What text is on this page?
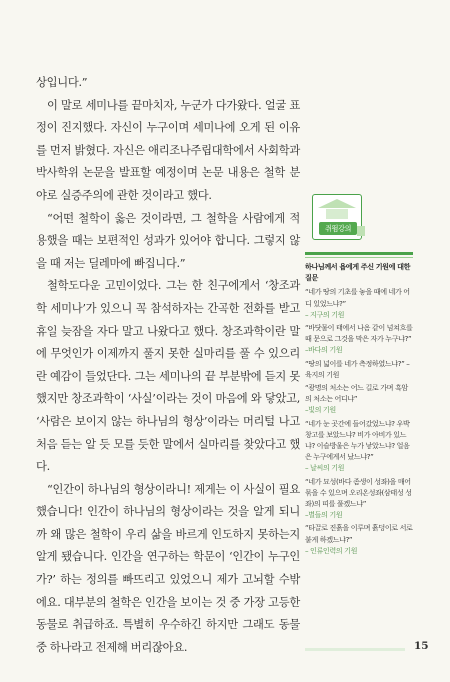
상입니다.”

이 말로 세미나를 끝마치자, 누군가 다가왔다. 얼굴 표정이 진지했다. 자신이 누구이며 세미나에 오게 된 이유를 먼저 밝혔다. 자신은 애리조나주립대학에서 사회학과 박사학위 논문을 발표할 예정이며 논문 내용은 철학 분야로 실증주의에 관한 것이라고 했다.

“어떤 철학이 옳은 것이라면, 그 철학을 사람에게 적용했을 때는 보편적인 성과가 있어야 합니다. 그렇지 않을 때 저는 딜레마에 빠집니다.”

철학도다운 고민이었다. 그는 한 친구에게서 ‘창조과학 세미나’가 있으니 꼭 참석하자는 간곡한 전화를 받고 휴일 늦잠을 자다 말고 나왔다고 했다. 창조과학이란 말에 무엇인가 이제까지 풀지 못한 실마리를 풀 수 있으리란 예감이 들었단다. 그는 세미나의 끝 부분밖에 듣지 못했지만 창조과학이 ‘사실’이라는 것이 마음에 와 닿았고, ‘사람은 보이지 않는 하나님의 형상’이라는 머리털 나고 처음 듣는 알 듯 모를 듯한 말에서 실마리를 찾았다고 했다.

“인간이 하나님의 형상이라니! 제게는 이 사실이 필요했습니다! 인간이 하나님의 형상이라는 것을 알게 되니까 왜 많은 철학이 우리 삶을 바르게 인도하지 못하는지 알게 됐습니다. 인간을 연구하는 학문이 ‘인간이 누구인가?’ 하는 정의를 빠뜨리고 있었으니 제가 고뇌할 수밖에요. 대부분의 철학은 인간을 보이는 것 중 가장 고등한 동물로 취급하죠. 특별히 우수하긴 하지만 그래도 동물 중 하나라고 전제해 버리잖아요.

쥐뜀강의
하나님께서 욥에게 주신 기원에 대한 질문
“네가 땅의 기초를 놓을 때에 네가 어디 있었느냐?”
– 지구의 기원
“바닷물이 태에서 나옴 같이 넘쳐흐를 때 문으로 그것을 막은 자가 누구냐?”
–바다의 기원
“땅의 넓이를 네가 측정하였느냐?” – 육지의 기원
“광명의 처소는 어느 길로 가며 흑암의 처소는 어디냐”
–빛의 기원
“네가 눈 곳간에 들어갔었느냐? 우박 창고를 보았느냐? 비가 아비가 있느냐? 이슬방울은 누가 낳았느냐? 얼음은 누구에게서 났느냐?”
– 날씨의 기원
“네가 묘성(바다 좀생이 성좌)을 매어 묶을 수 있으며 오리온성좌(삼태성 성좌)의 띠를 풀겠느냐”
–별들의 기원
“타끌로 진흙을 이루며 흙덩이로 서로 붙게 하겠느냐?”
– 인류인력의 기원
15
